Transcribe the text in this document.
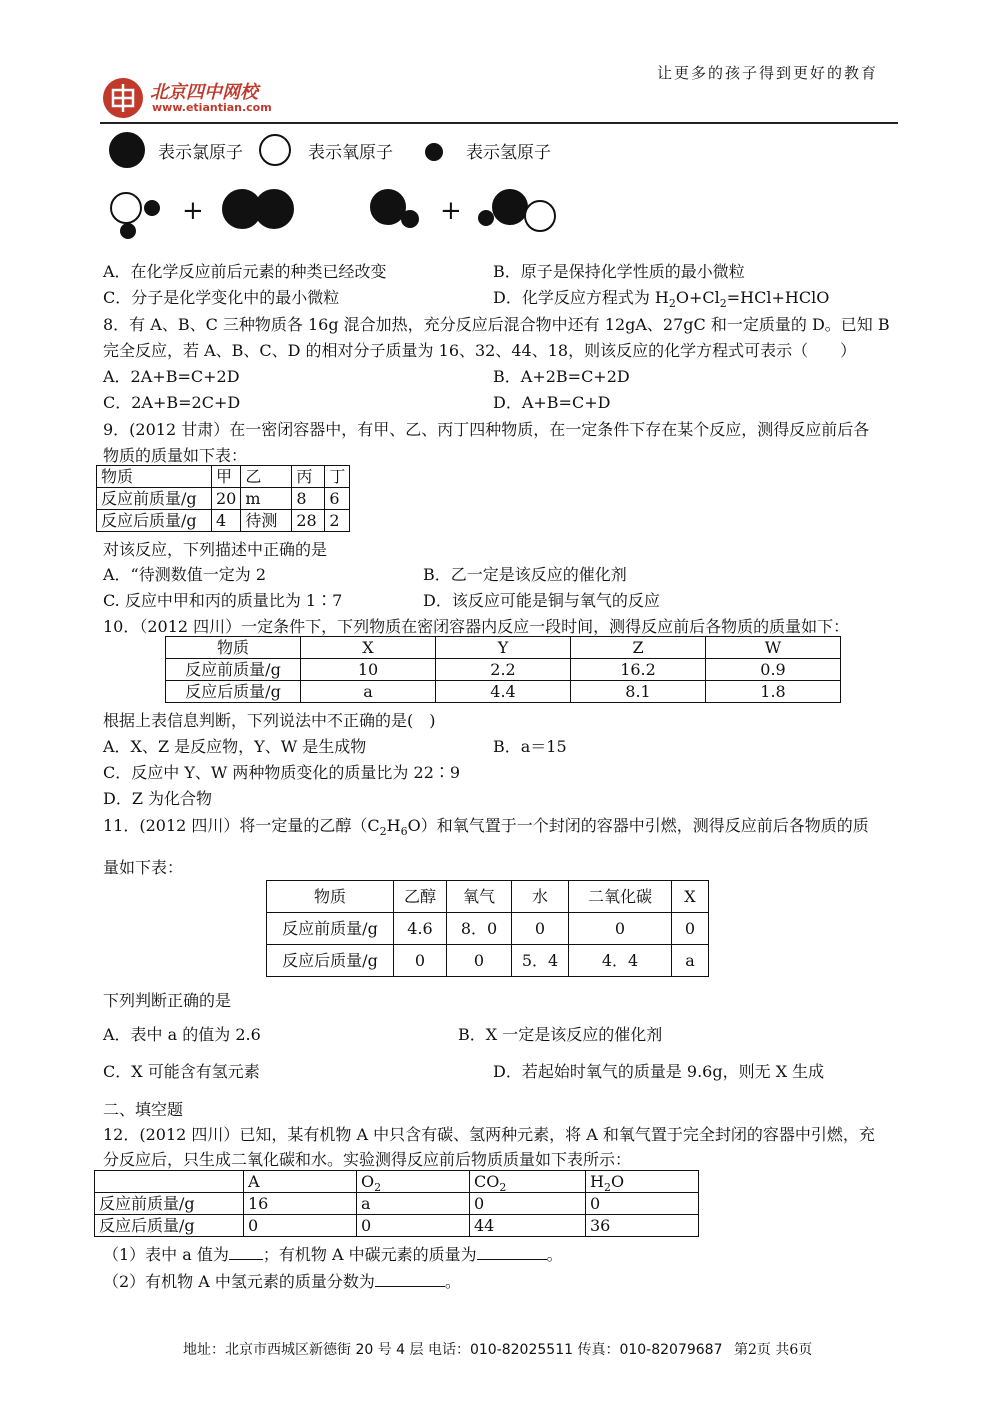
让更多的孩子得到更好的教育
北京四中网校
www.etiantian.com
表示氯原子	表示氧原子	表示氢原子
+	+
A．在化学反应前后元素的种类已经改变	B．原子是保持化学性质的最小微粒
C．分子是化学变化中的最小微粒	D．化学反应方程式为 $H_2O+Cl_2=HCl+HClO$
8．有 A、B、C 三种物质各 16g 混合加热，充分反应后混合物中还有 12gA、27gC 和一定质量的 D。已知 B
完全反应，若 A、B、C、D 的相对分子质量为 16、32、44、18，则该反应的化学方程式可表示（　　）
A．2A+B=C+2D	B．A+2B=C+2D
C．2A+B=2C+D	D．A+B=C+D
9．(2012 甘肃）在一密闭容器中，有甲、乙、丙丁四种物质，在一定条件下存在某个反应，测得反应前后各
物质的质量如下表：
物质	甲	乙	丙	丁
反应前质量/g	20	m	8	6
反应后质量/g	4	待测	28	2
对该反应，下列描述中正确的是
A．“待测数值一定为 2	B．乙一定是该反应的催化剂
C. 反应中甲和丙的质量比为 1∶7	D．该反应可能是铜与氧气的反应
10．（2012 四川）一定条件下，下列物质在密闭容器内反应一段时间，测得反应前后各物质的质量如下：
物质	X	Y	Z	W
反应前质量/g	10	2.2	16.2	0.9
反应后质量/g	a	4.4	8.1	1.8
根据上表信息判断，下列说法中不正确的是(　)
A．X、Z 是反应物，Y、W 是生成物	B．a＝15
C．反应中 Y、W 两种物质变化的质量比为 22∶9
D．Z 为化合物
11．(2012 四川）将一定量的乙醇$(C_2H_6O)$和氧气置于一个封闭的容器中引燃，测得反应前后各物质的质
量如下表：
物质	乙醇	氧气	水	二氧化碳	X
反应前质量/g	4.6	8．0	0	0	0
反应后质量/g	0	0	5．4	4．4	a
下列判断正确的是
A．表中 a 的值为 2.6	B．X 一定是该反应的催化剂
C．X 可能含有氢元素	D．若起始时氧气的质量是 9.6g，则无 X 生成
二、填空题
12．(2012 四川）已知，某有机物 A 中只含有碳、氢两种元素，将 A 和氧气置于完全封闭的容器中引燃，充
分反应后，只生成二氧化碳和水。实验测得反应前后物质质量如下表所示：
	A	$O_2$	$CO_2$	$H_2O$
反应前质量/g	16	a	0	0
反应后质量/g	0	0	44	36
（1）表中 a 值为 ；有机物 A 中碳元素的质量为	。
（2）有机物 A 中氢元素的质量分数为	。
地址：北京市西城区新德街 20 号 4 层 电话：010-82025511 传真：010-82079687 第2页 共6页
